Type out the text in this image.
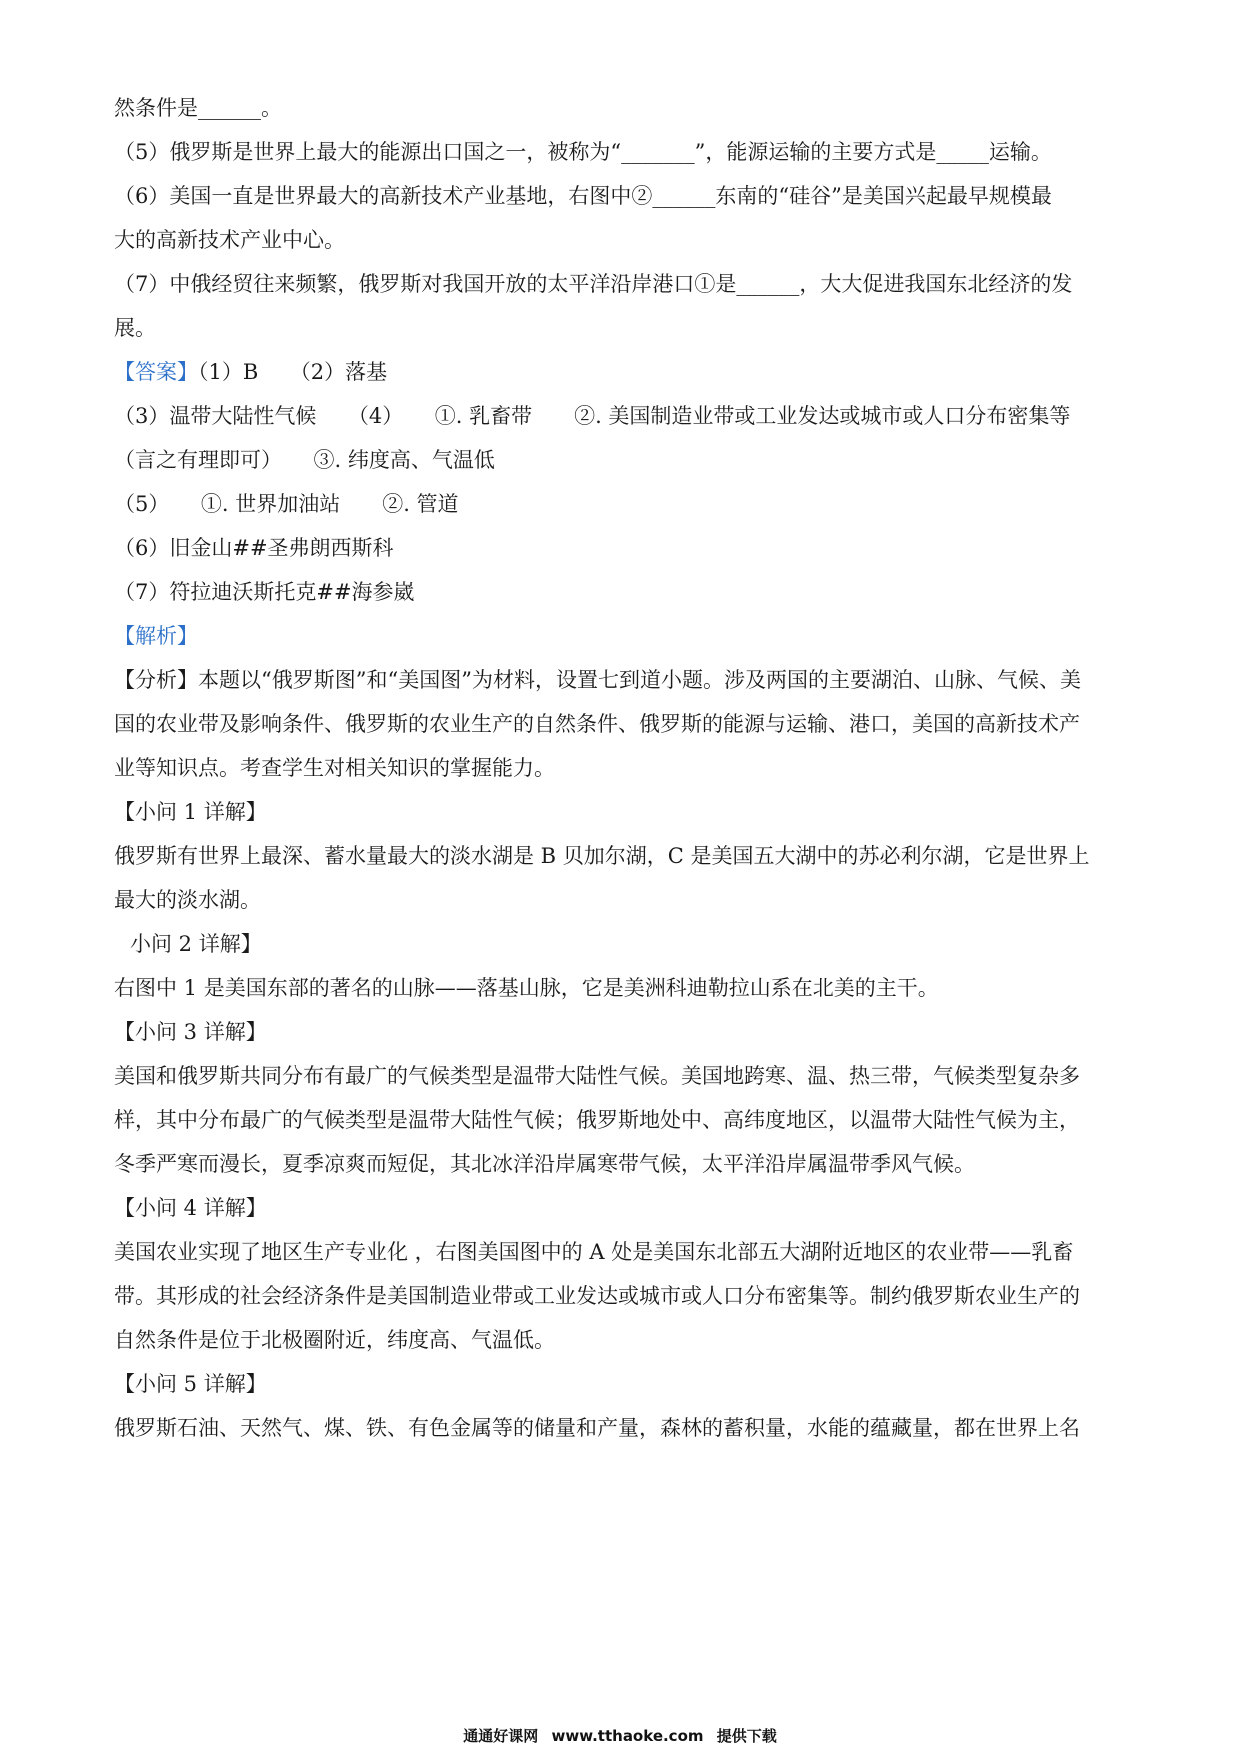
然条件是______。
（5）俄罗斯是世界上最大的能源出口国之一，被称为“_______”，能源运输的主要方式是_____运输。
（6）美国一直是世界最大的高新技术产业基地，右图中②______东南的“硅谷”是美国兴起最早规模最
大的高新技术产业中心。
（7）中俄经贸往来频繁，俄罗斯对我国开放的太平洋沿岸港口①是______，大大促进我国东北经济的发
展。
【答案】（1）B　　（2）落基
（3）温带大陆性气候　　（4）　　①. 乳畜带　　②. 美国制造业带或工业发达或城市或人口分布密集等
（言之有理即可）　　③. 纬度高、气温低
（5）　　①. 世界加油站　　②. 管道
（6）旧金山##圣弗朗西斯科
（7）符拉迪沃斯托克##海参崴
【解析】
【分析】本题以“俄罗斯图”和“美国图”为材料，设置七到道小题。涉及两国的主要湖泊、山脉、气候、美
国的农业带及影响条件、俄罗斯的农业生产的自然条件、俄罗斯的能源与运输、港口，美国的高新技术产
业等知识点。考查学生对相关知识的掌握能力。
【小问 1 详解】
俄罗斯有世界上最深、蓄水量最大的淡水湖是 B 贝加尔湖，C 是美国五大湖中的苏必利尔湖，它是世界上
最大的淡水湖。
小问 2 详解】
右图中 1 是美国东部的著名的山脉——落基山脉，它是美洲科迪勒拉山系在北美的主干。
【小问 3 详解】
美国和俄罗斯共同分布有最广的气候类型是温带大陆性气候。美国地跨寒、温、热三带，气候类型复杂多
样，其中分布最广的气候类型是温带大陆性气候；俄罗斯地处中、高纬度地区，以温带大陆性气候为主，
冬季严寒而漫长，夏季凉爽而短促，其北冰洋沿岸属寒带气候，太平洋沿岸属温带季风气候。
【小问 4 详解】
美国农业实现了地区生产专业化 ，右图美国图中的 A 处是美国东北部五大湖附近地区的农业带——乳畜
带。其形成的社会经济条件是美国制造业带或工业发达或城市或人口分布密集等。制约俄罗斯农业生产的
自然条件是位于北极圈附近，纬度高、气温低。
【小问 5 详解】
俄罗斯石油、天然气、煤、铁、有色金属等的储量和产量，森林的蓄积量，水能的蕴藏量，都在世界上名
通通好课网 www.tthaoke.com 提供下载
